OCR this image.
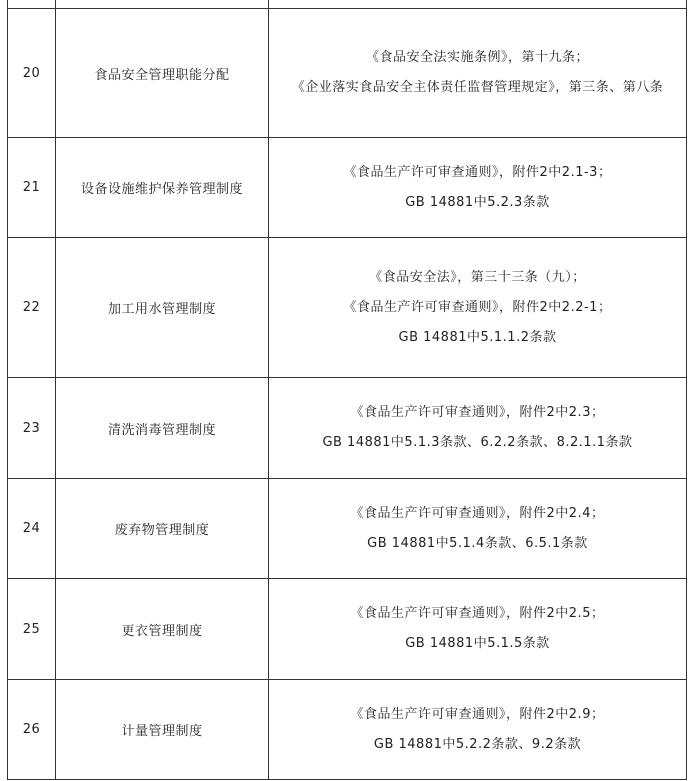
20	食品安全管理职能分配	《食品安全法实施条例》，第十九条；
《企业落实食品安全主体责任监督管理规定》，第三条、第八条

21	设备设施维护保养管理制度	《食品生产许可审查通则》，附件2中2.1-3；
GB 14881中5.2.3条款

22	加工用水管理制度	《食品安全法》，第三十三条（九）；
《食品生产许可审查通则》，附件2中2.2-1；
GB 14881中5.1.1.2条款

23	清洗消毒管理制度	《食品生产许可审查通则》，附件2中2.3；
GB 14881中5.1.3条款、6.2.2条款、8.2.1.1条款

24	废弃物管理制度	《食品生产许可审查通则》，附件2中2.4；
GB 14881中5.1.4条款、6.5.1条款

25	更衣管理制度	《食品生产许可审查通则》，附件2中2.5；
GB 14881中5.1.5条款

26	计量管理制度	《食品生产许可审查通则》，附件2中2.9；
GB 14881中5.2.2条款、9.2条款
